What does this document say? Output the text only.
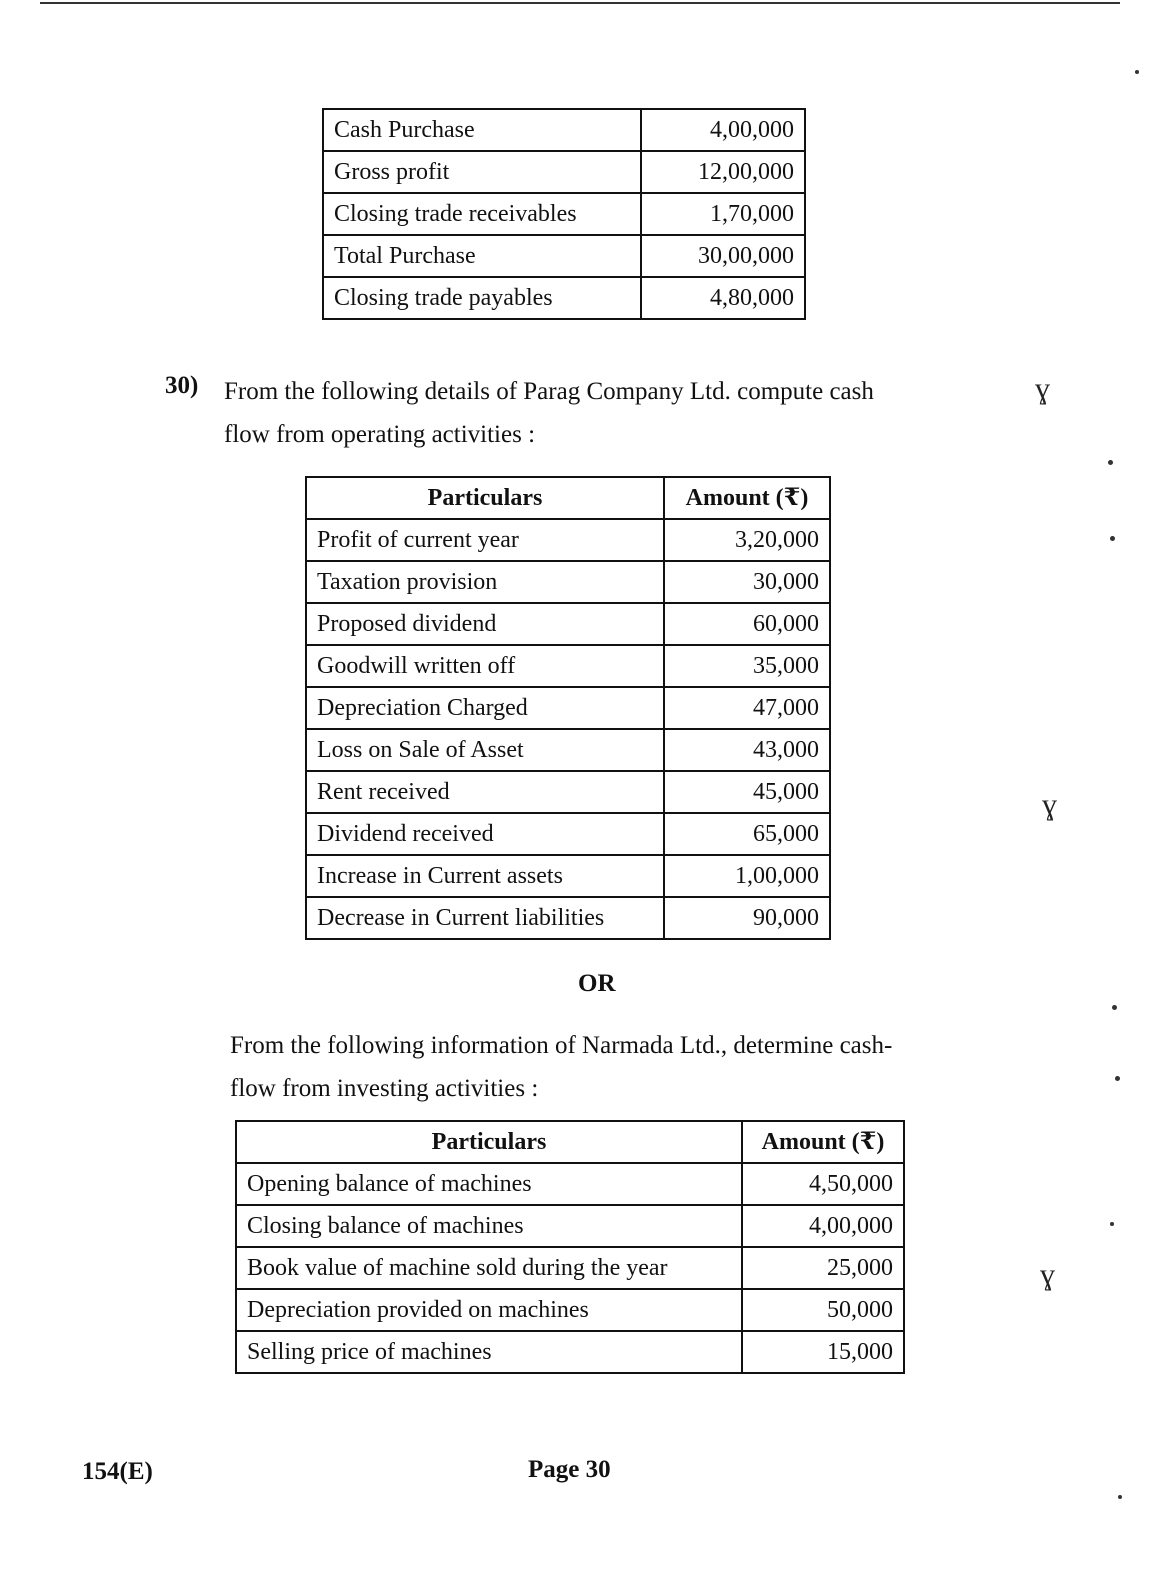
Cash Purchase	4,00,000
Gross profit	12,00,000
Closing trade receivables	1,70,000
Total Purchase	30,00,000
Closing trade payables	4,80,000
30) From the following details of Parag Company Ltd. compute cash flow from operating activities :
Particulars	Amount (₹)
Profit of current year	3,20,000
Taxation provision	30,000
Proposed dividend	60,000
Goodwill written off	35,000
Depreciation Charged	47,000
Loss on Sale of Asset	43,000
Rent received	45,000
Dividend received	65,000
Increase in Current assets	1,00,000
Decrease in Current liabilities	90,000
OR
From the following information of Narmada Ltd., determine cash-flow from investing activities :
Particulars	Amount (₹)
Opening balance of machines	4,50,000
Closing balance of machines	4,00,000
Book value of machine sold during the year	25,000
Depreciation provided on machines	50,000
Selling price of machines	15,000
154(E)	Page 30
ɣ
ɣ
ɣ
